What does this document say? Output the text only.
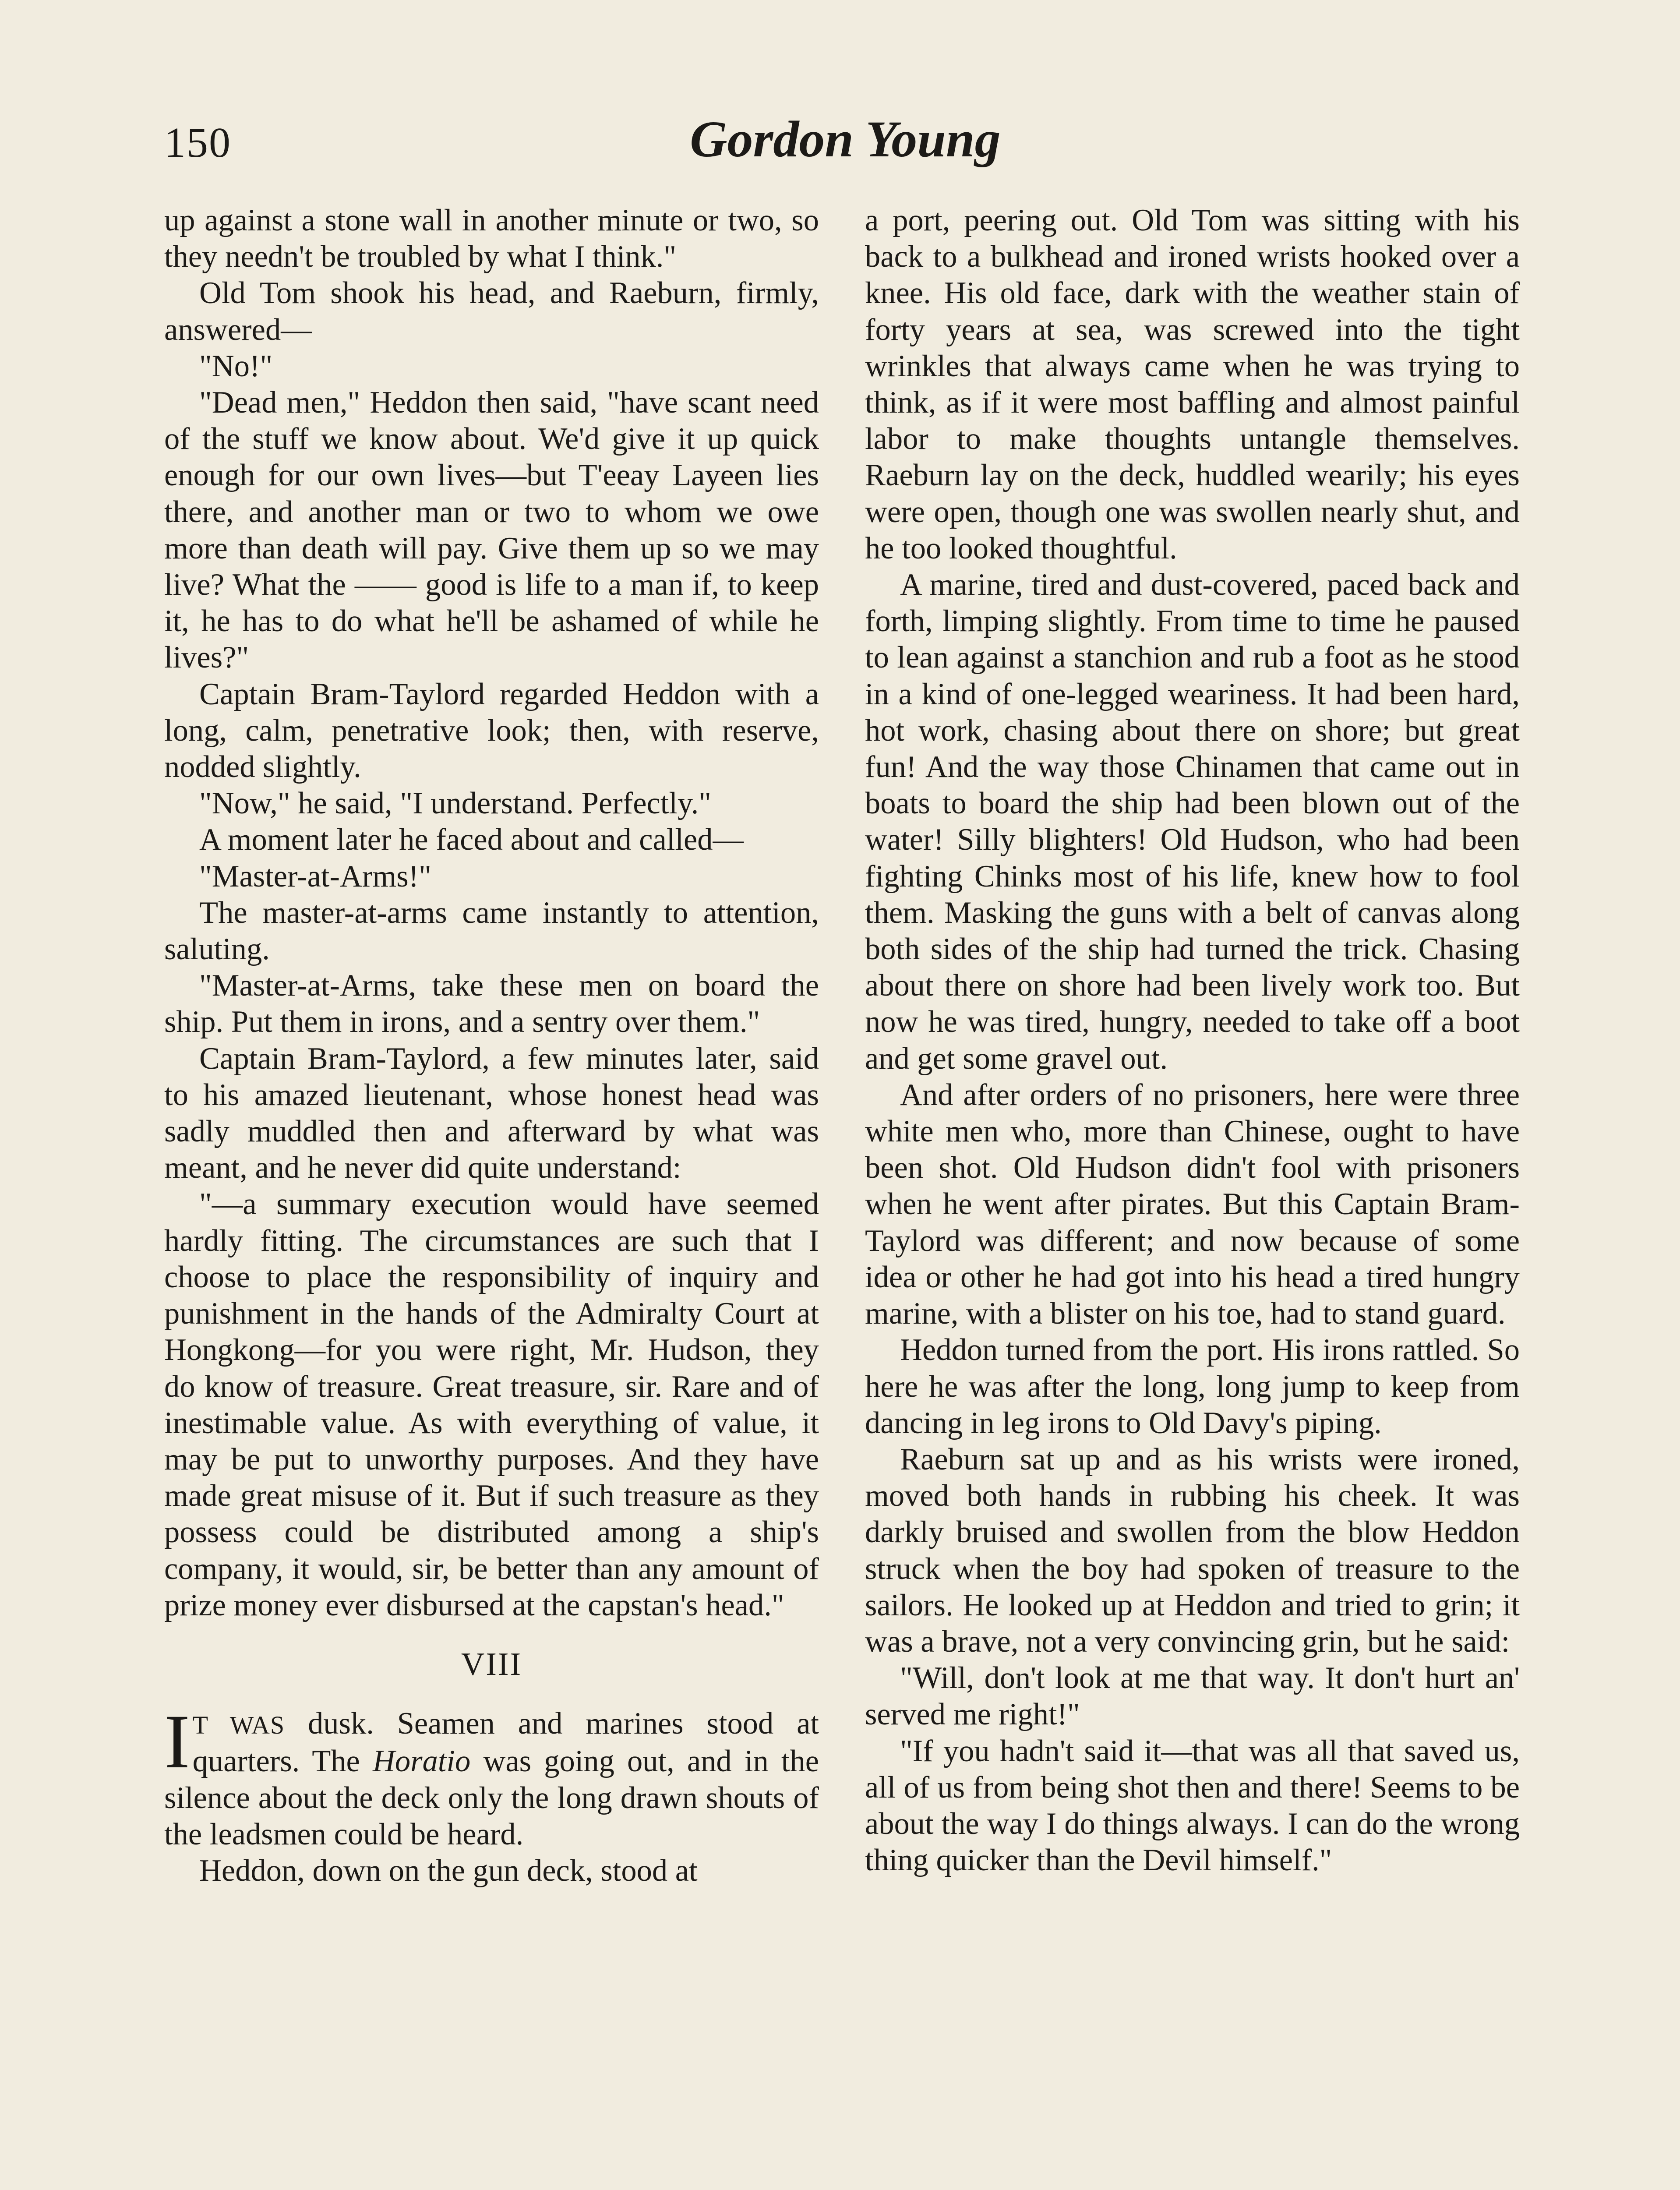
150	Gordon Young

up against a stone wall in another minute or two, so they needn't be troubled by what I think."

Old Tom shook his head, and Raeburn, firmly, answered—

"No!"

"Dead men," Heddon then said, "have scant need of the stuff we know about. We'd give it up quick enough for our own lives—but T'eeay Layeen lies there, and another man or two to whom we owe more than death will pay. Give them up so we may live? What the —— good is life to a man if, to keep it, he has to do what he'll be ashamed of while he lives?"

Captain Bram-Taylord regarded Heddon with a long, calm, penetrative look; then, with reserve, nodded slightly.

"Now," he said, "I understand. Perfectly."

A moment later he faced about and called—

"Master-at-Arms!"

The master-at-arms came instantly to attention, saluting.

"Master-at-Arms, take these men on board the ship. Put them in irons, and a sentry over them."

Captain Bram-Taylord, a few minutes later, said to his amazed lieutenant, whose honest head was sadly muddled then and afterward by what was meant, and he never did quite understand:

"—a summary execution would have seemed hardly fitting. The circumstances are such that I choose to place the responsibility of inquiry and punishment in the hands of the Admiralty Court at Hongkong—for you were right, Mr. Hudson, they do know of treasure. Great treasure, sir. Rare and of inestimable value. As with everything of value, it may be put to unworthy purposes. And they have made great misuse of it. But if such treasure as they possess could be distributed among a ship's company, it would, sir, be better than any amount of prize money ever disbursed at the capstan's head."

VIII

I T WAS dusk. Seamen and marines stood at quarters. The Horatio was going out, and in the silence about the deck only the long drawn shouts of the leadsmen could be heard.

Heddon, down on the gun deck, stood at

a port, peering out. Old Tom was sitting with his back to a bulkhead and ironed wrists hooked over a knee. His old face, dark with the weather stain of forty years at sea, was screwed into the tight wrinkles that always came when he was trying to think, as if it were most baffling and almost painful labor to make thoughts untangle themselves. Raeburn lay on the deck, huddled wearily; his eyes were open, though one was swollen nearly shut, and he too looked thoughtful.

A marine, tired and dust-covered, paced back and forth, limping slightly. From time to time he paused to lean against a stanchion and rub a foot as he stood in a kind of one-legged weariness. It had been hard, hot work, chasing about there on shore; but great fun! And the way those Chinamen that came out in boats to board the ship had been blown out of the water! Silly blighters! Old Hudson, who had been fighting Chinks most of his life, knew how to fool them. Masking the guns with a belt of canvas along both sides of the ship had turned the trick. Chasing about there on shore had been lively work too. But now he was tired, hungry, needed to take off a boot and get some gravel out.

And after orders of no prisoners, here were three white men who, more than Chinese, ought to have been shot. Old Hudson didn't fool with prisoners when he went after pirates. But this Captain Bram-Taylord was different; and now because of some idea or other he had got into his head a tired hungry marine, with a blister on his toe, had to stand guard.

Heddon turned from the port. His irons rattled. So here he was after the long, long jump to keep from dancing in leg irons to Old Davy's piping.

Raeburn sat up and as his wrists were ironed, moved both hands in rubbing his cheek. It was darkly bruised and swollen from the blow Heddon struck when the boy had spoken of treasure to the sailors. He looked up at Heddon and tried to grin; it was a brave, not a very convincing grin, but he said:

"Will, don't look at me that way. It don't hurt an' served me right!"

"If you hadn't said it—that was all that saved us, all of us from being shot then and there! Seems to be about the way I do things always. I can do the wrong thing quicker than the Devil himself."
